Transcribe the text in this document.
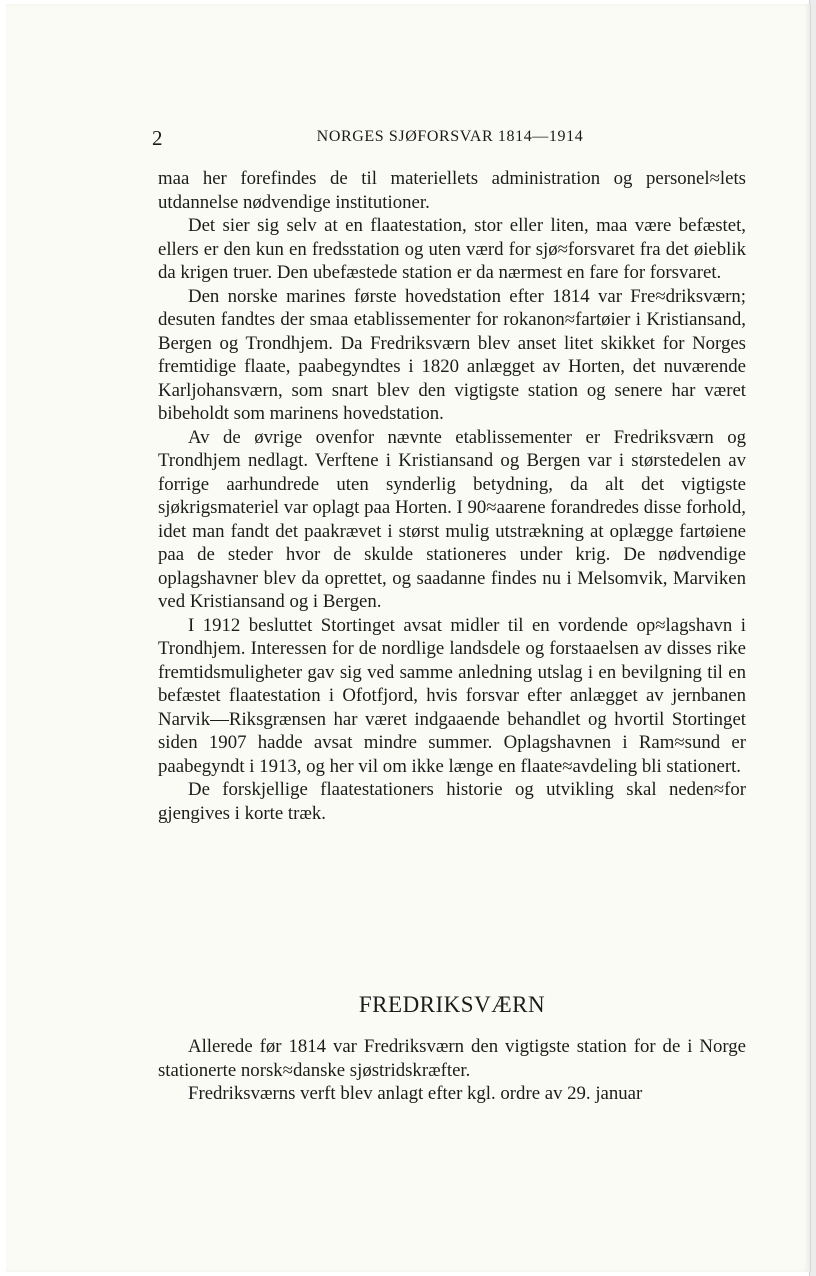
2	NORGES SJØFORSVAR 1814—1914

maa her forefindes de til materiellets administration og personel≈lets utdannelse nødvendige institutioner.

Det sier sig selv at en flaatestation, stor eller liten, maa være befæstet, ellers er den kun en fredsstation og uten værd for sjø≈forsvaret fra det øieblik da krigen truer. Den ubefæstede station er da nærmest en fare for forsvaret.

Den norske marines første hovedstation efter 1814 var Fre≈driksværn; desuten fandtes der smaa etablissementer for rokanon≈fartøier i Kristiansand, Bergen og Trondhjem. Da Fredriksværn blev anset litet skikket for Norges fremtidige flaate, paabegyndtes i 1820 anlægget av Horten, det nuværende Karljohansværn, som snart blev den vigtigste station og senere har været bibeholdt som marinens hovedstation.

Av de øvrige ovenfor nævnte etablissementer er Fredriksværn og Trondhjem nedlagt. Verftene i Kristiansand og Bergen var i størstedelen av forrige aarhundrede uten synderlig betydning, da alt det vigtigste sjøkrigsmateriel var oplagt paa Horten. I 90≈aarene forandredes disse forhold, idet man fandt det paakrævet i størst mulig utstrækning at oplægge fartøiene paa de steder hvor de skulde stationeres under krig. De nødvendige oplagshavner blev da oprettet, og saadanne findes nu i Melsomvik, Marviken ved Kristiansand og i Bergen.

I 1912 besluttet Stortinget avsat midler til en vordende op≈lagshavn i Trondhjem. Interessen for de nordlige landsdele og forstaaelsen av disses rike fremtidsmuligheter gav sig ved samme anledning utslag i en bevilgning til en befæstet flaatestation i Ofotfjord, hvis forsvar efter anlægget av jernbanen Narvik—Riksgrænsen har været indgaaende behandlet og hvortil Stortinget siden 1907 hadde avsat mindre summer. Oplagshavnen i Ram≈sund er paabegyndt i 1913, og her vil om ikke længe en flaate≈avdeling bli stationert.

De forskjellige flaatestationers historie og utvikling skal neden≈for gjengives i korte træk.

FREDRIKSVÆRN

Allerede før 1814 var Fredriksværn den vigtigste station for de i Norge stationerte norsk≈danske sjøstridskræfter.

Fredriksværns verft blev anlagt efter kgl. ordre av 29. januar
